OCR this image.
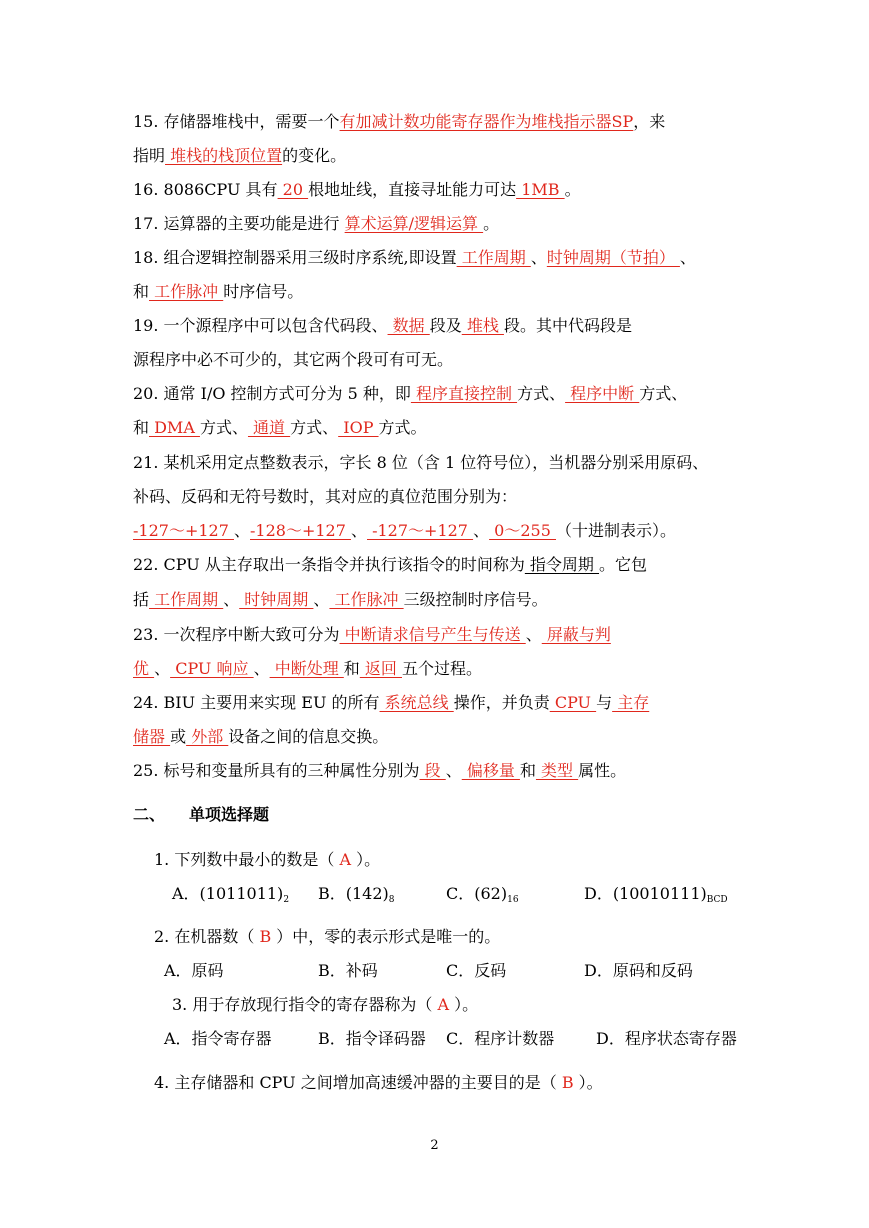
15. 存储器堆栈中，需要一个有加减计数功能寄存器作为堆栈指示器SP，来
指明 堆栈的栈顶位置的变化。
16. 8086CPU 具有 20 根地址线，直接寻址能力可达 1MB 。
17. 运算器的主要功能是进行 算术运算/逻辑运算 。
18. 组合逻辑控制器采用三级时序系统,即设置 工作周期 、时钟周期（节拍） 、
和 工作脉冲 时序信号。
19. 一个源程序中可以包含代码段、 数据 段及 堆栈 段。其中代码段是
源程序中必不可少的，其它两个段可有可无。
20. 通常 I/O 控制方式可分为 5 种，即 程序直接控制 方式、 程序中断 方式、
和 DMA 方式、 通道 方式、 IOP 方式。
21. 某机采用定点整数表示，字长 8 位（含 1 位符号位），当机器分别采用原码、
补码、反码和无符号数时，其对应的真位范围分别为：
-127～+127 、-128～+127 、 -127～+127 、 0～255 （十进制表示）。
22. CPU 从主存取出一条指令并执行该指令的时间称为 指令周期 。它包
括 工作周期 、 时钟周期 、 工作脉冲 三级控制时序信号。
23. 一次程序中断大致可分为 中断请求信号产生与传送 、 屏蔽与判
优 、 CPU 响应 、 中断处理 和 返回 五个过程。
24. BIU 主要用来实现 EU 的所有 系统总线 操作，并负责 CPU 与 主存
储器 或 外部 设备之间的信息交换。
25. 标号和变量所具有的三种属性分别为 段 、 偏移量 和 类型 属性。
二、 单项选择题
1. 下列数中最小的数是（ A ）。
A．$(1011011)_2$ B．$(142)_8$	C．$(62)_{16}$	D．$(10010111)_{BCD}$
2. 在机器数（ B ）中，零的表示形式是唯一的。
A．原码	B．补码	C．反码	D．原码和反码
3. 用于存放现行指令的寄存器称为（ A ）。
A．指令寄存器	B．指令译码器 C．程序计数器	D．程序状态寄存器
4. 主存储器和 CPU 之间增加高速缓冲器的主要目的是（ B ）。
2
